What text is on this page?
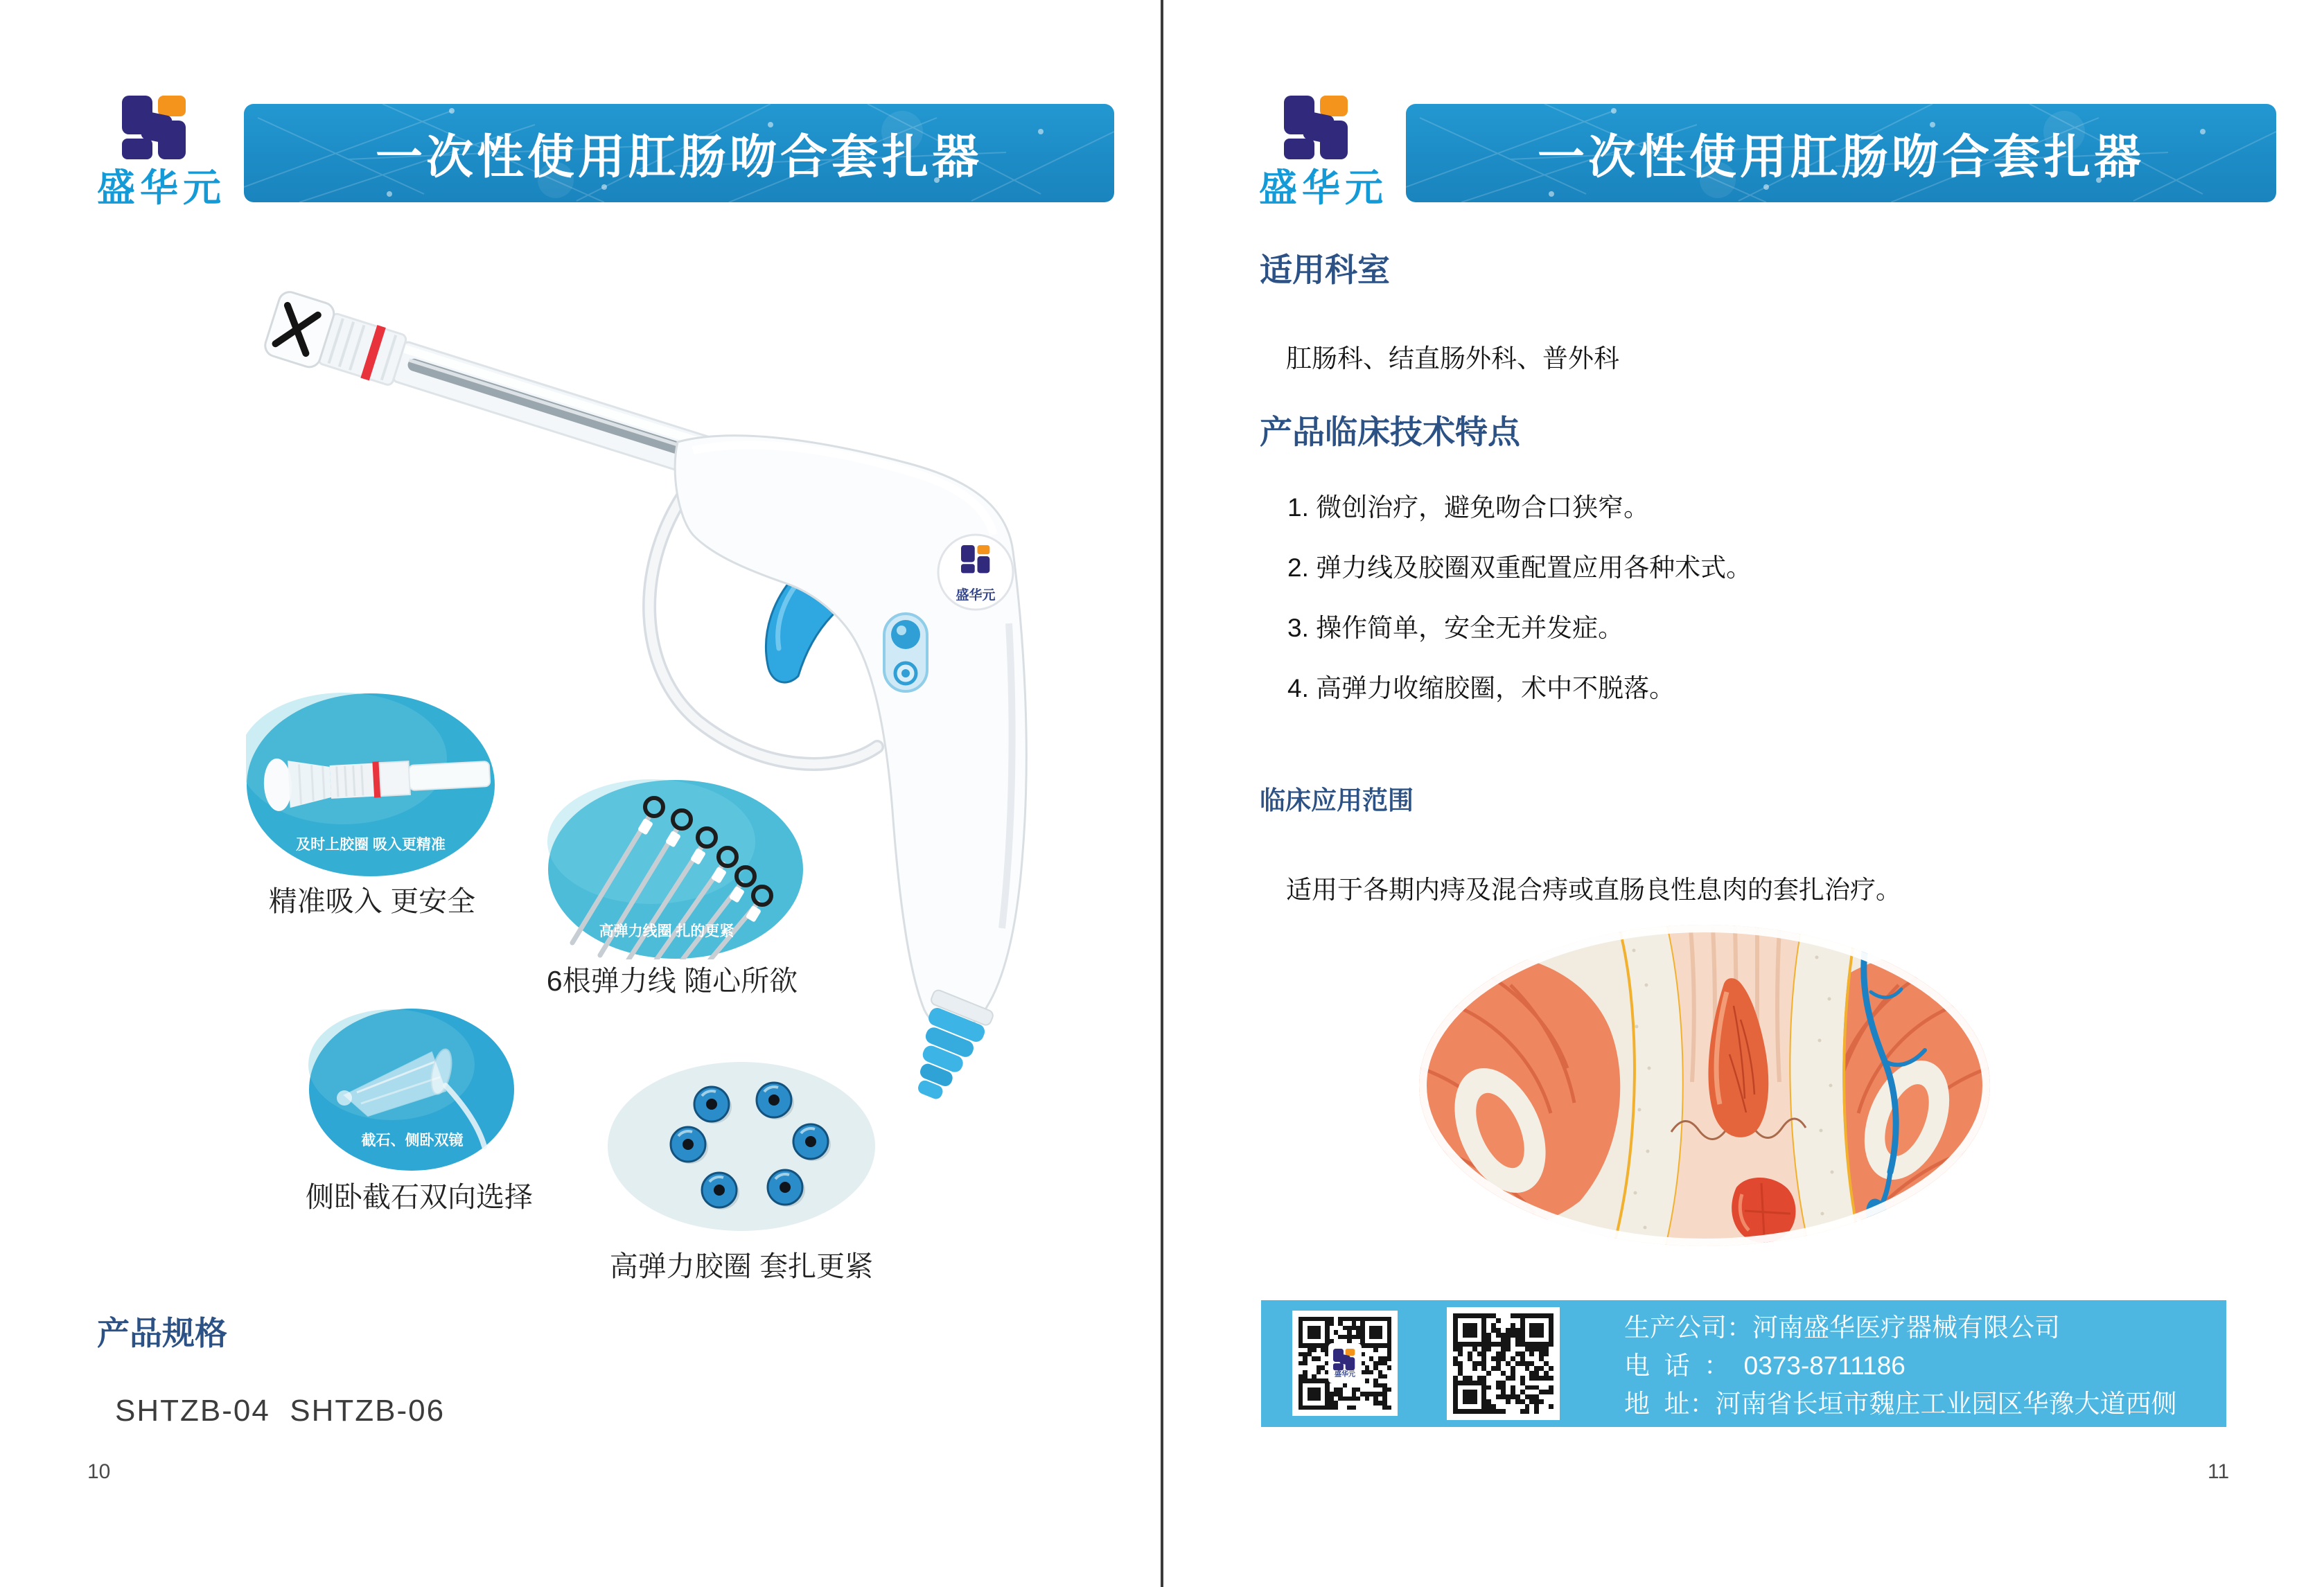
盛华元
一次性使用肛肠吻合套扎器
盛华元
及时上胶圈 吸入更精准
精准吸入 更安全
高弹力线圈 扎的更紧
6根弹力线 随心所欲
截石、侧卧双镜
侧卧截石双向选择
高弹力胶圈 套扎更紧
产品规格
SHTZB-04  SHTZB-06
10
盛华元
一次性使用肛肠吻合套扎器
适用科室
肛肠科、结直肠外科、普外科
产品临床技术特点
1. 微创治疗，避免吻合口狭窄。
2. 弹力线及胶圈双重配置应用各种术式。
3. 操作简单，安全无并发症。
4. 高弹力收缩胶圈，术中不脱落。
临床应用范围
适用于各期内痔及混合痔或直肠良性息肉的套扎治疗。
盛华元
生产公司：河南盛华医疗器械有限公司
电  话  ：  0373-8711186
地  址：河南省长垣市魏庄工业园区华豫大道西侧
11
